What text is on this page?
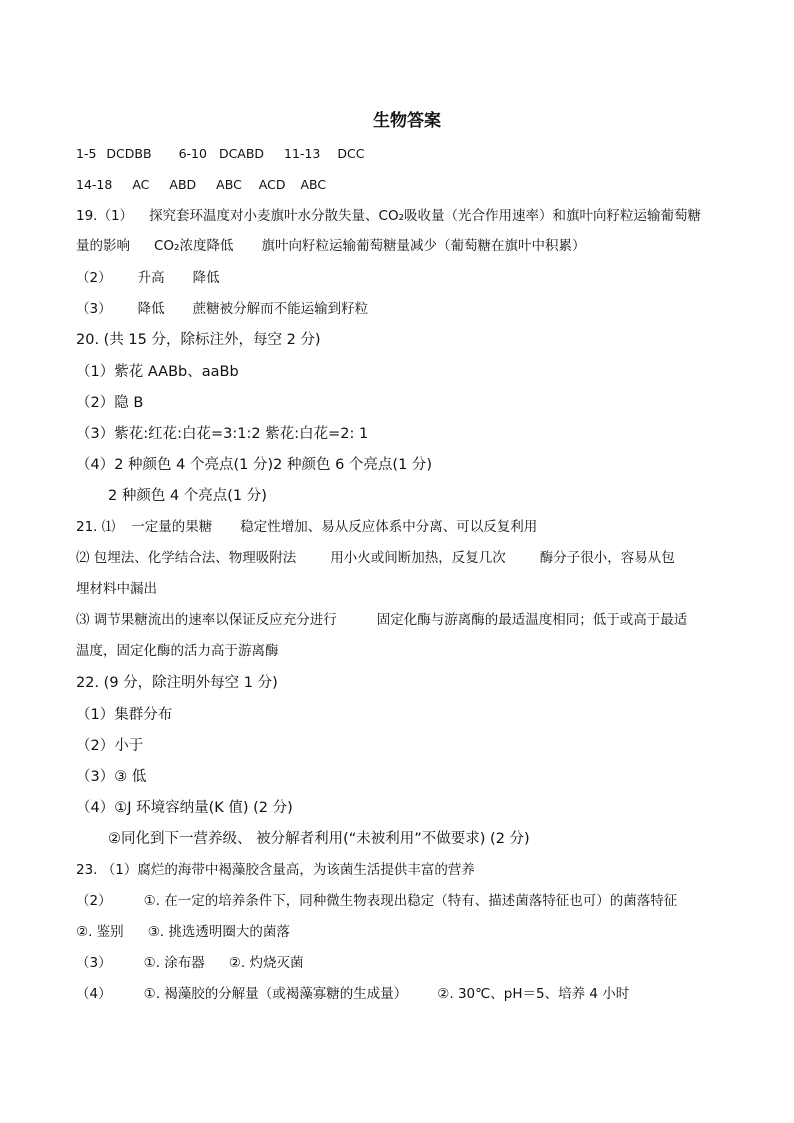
生物答案
1-5 DCDBB 6-10 DCABD 11-13 DCC
14-18 AC ABD ABC ACD ABC
19.（1） 探究套环温度对小麦旗叶水分散失量、CO₂吸收量（光合作用速率）和旗叶向籽粒运输葡萄糖
量的影响 CO₂浓度降低 旗叶向籽粒运输葡萄糖量减少（葡萄糖在旗叶中积累）
（2） 升高 降低
（3） 降低 蔗糖被分解而不能运输到籽粒
20. (共 15 分，除标注外，每空 2 分)
（1）紫花 AABb、aaBb
（2）隐 B
（3）紫花:红花:白花=3:1:2 紫花:白花=2: 1
（4）2 种颜色 4 个亮点(1 分)2 种颜色 6 个亮点(1 分)
2 种颜色 4 个亮点(1 分)
21. ⑴ 一定量的果糖 稳定性增加、易从反应体系中分离、可以反复利用
⑵ 包埋法、化学结合法、物理吸附法	用小火或间断加热，反复几次	酶分子很小，容易从包
埋材料中漏出
⑶ 调节果糖流出的速率以保证反应充分进行	固定化酶与游离酶的最适温度相同；低于或高于最适
温度，固定化酶的活力高于游离酶
22. (9 分，除注明外每空 1 分)
（1）集群分布
（2）小于
（3）③ 低
（4）①J 环境容纳量(K 值) (2 分)
②同化到下一营养级、 被分解者利用(“未被利用”不做要求) (2 分)
23. （1）腐烂的海带中褐藻胶含量高，为该菌生活提供丰富的营养
（2） ①. 在一定的培养条件下，同种微生物表现出稳定（特有、描述菌落特征也可）的菌落特征
②. 鉴别 ③. 挑选透明圈大的菌落
（3） ①. 涂布器 ②. 灼烧灭菌
（4） ①. 褐藻胶的分解量（或褐藻寡糖的生成量） ②. 30℃、pH＝5、培养 4 小时
